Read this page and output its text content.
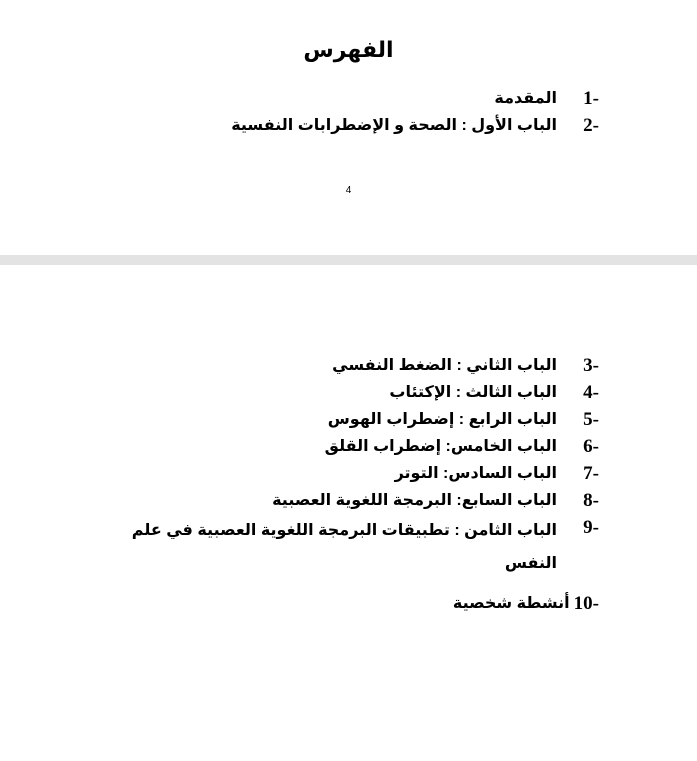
الفهرس
1-
المقدمة
2-
الباب الأول : الصحة و الإضطرابات النفسية
4
3-
الباب الثاني : الضغط النفسي
4-
الباب الثالث : الإكتئاب
5-
الباب الرابع : إضطراب الهوس
6-
الباب الخامس: إضطراب القلق
7-
الباب السادس: التوتر
8-
الباب السابع: البرمجة اللغوية العصبية
9-
الباب الثامن : تطبيقات البرمجة اللغوية العصبية في علم النفس
10-
أنشطة شخصية
